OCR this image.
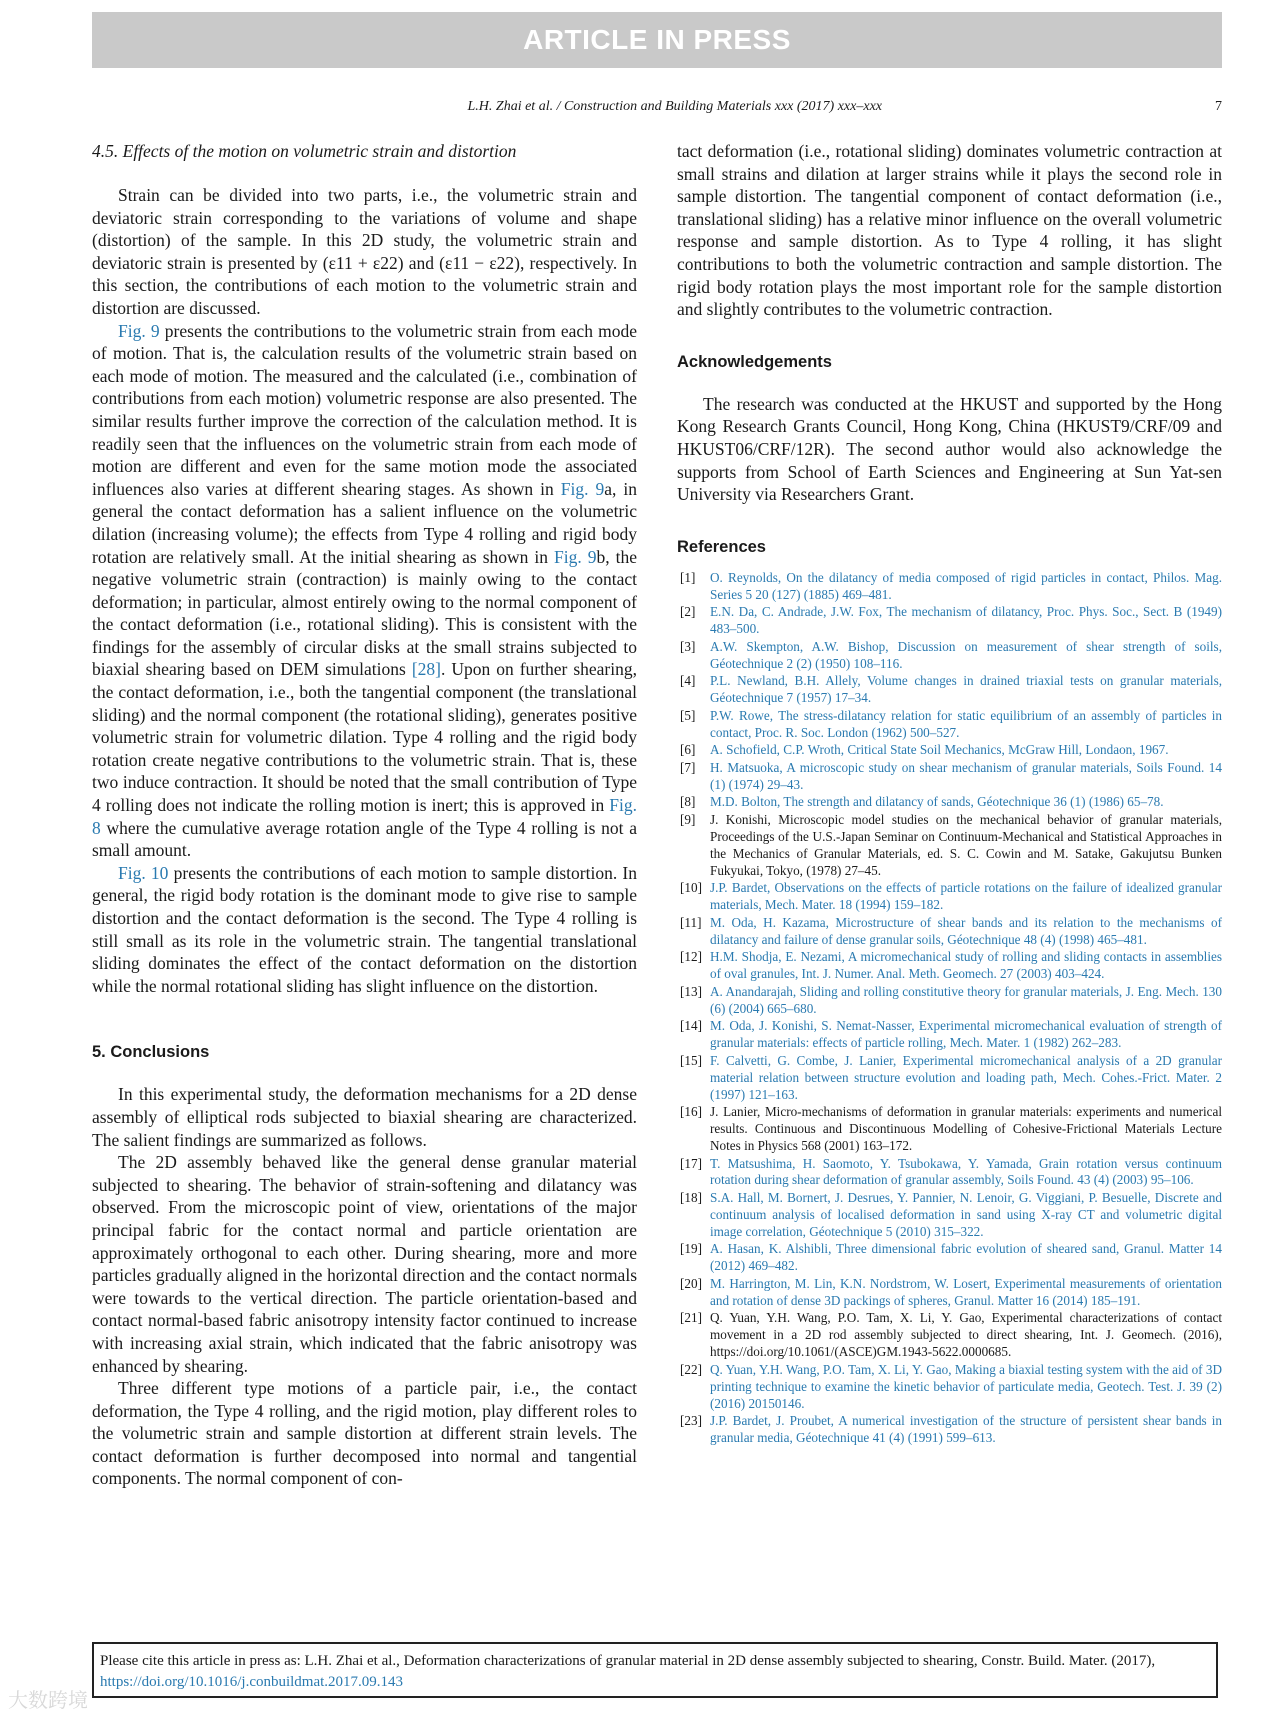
ARTICLE IN PRESS
L.H. Zhai et al. / Construction and Building Materials xxx (2017) xxx–xxx	7
4.5. Effects of the motion on volumetric strain and distortion

Strain can be divided into two parts, i.e., the volumetric strain and deviatoric strain corresponding to the variations of volume and shape (distortion) of the sample. In this 2D study, the volumetric strain and deviatoric strain is presented by (ε11 + ε22) and (ε11 − ε22), respectively. In this section, the contributions of each motion to the volumetric strain and distortion are discussed.

Fig. 9 presents the contributions to the volumetric strain from each mode of motion. That is, the calculation results of the volumetric strain based on each mode of motion. The measured and the calculated (i.e., combination of contributions from each motion) volumetric response are also presented. The similar results further improve the correction of the calculation method. It is readily seen that the influences on the volumetric strain from each mode of motion are different and even for the same motion mode the associated influences also varies at different shearing stages. As shown in Fig. 9a, in general the contact deformation has a salient influence on the volumetric dilation (increasing volume); the effects from Type 4 rolling and rigid body rotation are relatively small. At the initial shearing as shown in Fig. 9b, the negative volumetric strain (contraction) is mainly owing to the contact deformation; in particular, almost entirely owing to the normal component of the contact deformation (i.e., rotational sliding). This is consistent with the findings for the assembly of circular disks at the small strains subjected to biaxial shearing based on DEM simulations [28]. Upon on further shearing, the contact deformation, i.e., both the tangential component (the translational sliding) and the normal component (the rotational sliding), generates positive volumetric strain for volumetric dilation. Type 4 rolling and the rigid body rotation create negative contributions to the volumetric strain. That is, these two induce contraction. It should be noted that the small contribution of Type 4 rolling does not indicate the rolling motion is inert; this is approved in Fig. 8 where the cumulative average rotation angle of the Type 4 rolling is not a small amount.

Fig. 10 presents the contributions of each motion to sample distortion. In general, the rigid body rotation is the dominant mode to give rise to sample distortion and the contact deformation is the second. The Type 4 rolling is still small as its role in the volumetric strain. The tangential translational sliding dominates the effect of the contact deformation on the distortion while the normal rotational sliding has slight influence on the distortion.

5. Conclusions

In this experimental study, the deformation mechanisms for a 2D dense assembly of elliptical rods subjected to biaxial shearing are characterized. The salient findings are summarized as follows.

The 2D assembly behaved like the general dense granular material subjected to shearing. The behavior of strain-softening and dilatancy was observed. From the microscopic point of view, orientations of the major principal fabric for the contact normal and particle orientation are approximately orthogonal to each other. During shearing, more and more particles gradually aligned in the horizontal direction and the contact normals were towards to the vertical direction. The particle orientation-based and contact normal-based fabric anisotropy intensity factor continued to increase with increasing axial strain, which indicated that the fabric anisotropy was enhanced by shearing.

Three different type motions of a particle pair, i.e., the contact deformation, the Type 4 rolling, and the rigid motion, play different roles to the volumetric strain and sample distortion at different strain levels. The contact deformation is further decomposed into normal and tangential components. The normal component of con-

tact deformation (i.e., rotational sliding) dominates volumetric contraction at small strains and dilation at larger strains while it plays the second role in sample distortion. The tangential component of contact deformation (i.e., translational sliding) has a relative minor influence on the overall volumetric response and sample distortion. As to Type 4 rolling, it has slight contributions to both the volumetric contraction and sample distortion. The rigid body rotation plays the most important role for the sample distortion and slightly contributes to the volumetric contraction.

Acknowledgements

The research was conducted at the HKUST and supported by the Hong Kong Research Grants Council, Hong Kong, China (HKUST9/CRF/09 and HKUST06/CRF/12R). The second author would also acknowledge the supports from School of Earth Sciences and Engineering at Sun Yat-sen University via Researchers Grant.

References
[1]	O. Reynolds, On the dilatancy of media composed of rigid particles in contact, Philos. Mag. Series 5 20 (127) (1885) 469–481.
[2]	E.N. Da, C. Andrade, J.W. Fox, The mechanism of dilatancy, Proc. Phys. Soc., Sect. B (1949) 483–500.
[3]	A.W. Skempton, A.W. Bishop, Discussion on measurement of shear strength of soils, Géotechnique 2 (2) (1950) 108–116.
[4]	P.L. Newland, B.H. Allely, Volume changes in drained triaxial tests on granular materials, Géotechnique 7 (1957) 17–34.
[5]	P.W. Rowe, The stress-dilatancy relation for static equilibrium of an assembly of particles in contact, Proc. R. Soc. London (1962) 500–527.
[6]	A. Schofield, C.P. Wroth, Critical State Soil Mechanics, McGraw Hill, Londaon, 1967.
[7]	H. Matsuoka, A microscopic study on shear mechanism of granular materials, Soils Found. 14 (1) (1974) 29–43.
[8]	M.D. Bolton, The strength and dilatancy of sands, Géotechnique 36 (1) (1986) 65–78.
[9]	J. Konishi, Microscopic model studies on the mechanical behavior of granular materials, Proceedings of the U.S.-Japan Seminar on Continuum-Mechanical and Statistical Approaches in the Mechanics of Granular Materials, ed. S. C. Cowin and M. Satake, Gakujutsu Bunken Fukyukai, Tokyo, (1978) 27–45.
[10] J.P. Bardet, Observations on the effects of particle rotations on the failure of idealized granular materials, Mech. Mater. 18 (1994) 159–182.
[11] M. Oda, H. Kazama, Microstructure of shear bands and its relation to the mechanisms of dilatancy and failure of dense granular soils, Géotechnique 48 (4) (1998) 465–481.
[12] H.M. Shodja, E. Nezami, A micromechanical study of rolling and sliding contacts in assemblies of oval granules, Int. J. Numer. Anal. Meth. Geomech. 27 (2003) 403–424.
[13] A. Anandarajah, Sliding and rolling constitutive theory for granular materials, J. Eng. Mech. 130 (6) (2004) 665–680.
[14] M. Oda, J. Konishi, S. Nemat-Nasser, Experimental micromechanical evaluation of strength of granular materials: effects of particle rolling, Mech. Mater. 1 (1982) 262–283.
[15] F. Calvetti, G. Combe, J. Lanier, Experimental micromechanical analysis of a 2D granular material relation between structure evolution and loading path, Mech. Cohes.-Frict. Mater. 2 (1997) 121–163.
[16] J. Lanier, Micro-mechanisms of deformation in granular materials: experiments and numerical results. Continuous and Discontinuous Modelling of Cohesive-Frictional Materials Lecture Notes in Physics 568 (2001) 163–172.
[17] T. Matsushima, H. Saomoto, Y. Tsubokawa, Y. Yamada, Grain rotation versus continuum rotation during shear deformation of granular assembly, Soils Found. 43 (4) (2003) 95–106.
[18] S.A. Hall, M. Bornert, J. Desrues, Y. Pannier, N. Lenoir, G. Viggiani, P. Besuelle, Discrete and continuum analysis of localised deformation in sand using X-ray CT and volumetric digital image correlation, Géotechnique 5 (2010) 315–322.
[19] A. Hasan, K. Alshibli, Three dimensional fabric evolution of sheared sand, Granul. Matter 14 (2012) 469–482.
[20] M. Harrington, M. Lin, K.N. Nordstrom, W. Losert, Experimental measurements of orientation and rotation of dense 3D packings of spheres, Granul. Matter 16 (2014) 185–191.
[21] Q. Yuan, Y.H. Wang, P.O. Tam, X. Li, Y. Gao, Experimental characterizations of contact movement in a 2D rod assembly subjected to direct shearing, Int. J. Geomech. (2016), https://doi.org/10.1061/(ASCE)GM.1943-5622.0000685.
[22] Q. Yuan, Y.H. Wang, P.O. Tam, X. Li, Y. Gao, Making a biaxial testing system with the aid of 3D printing technique to examine the kinetic behavior of particulate media, Geotech. Test. J. 39 (2) (2016) 20150146.
[23] J.P. Bardet, J. Proubet, A numerical investigation of the structure of persistent shear bands in granular media, Géotechnique 41 (4) (1991) 599–613.
Please cite this article in press as: L.H. Zhai et al., Deformation characterizations of granular material in 2D dense assembly subjected to shearing, Constr. Build. Mater. (2017), https://doi.org/10.1016/j.conbuildmat.2017.09.143
大数跨境
